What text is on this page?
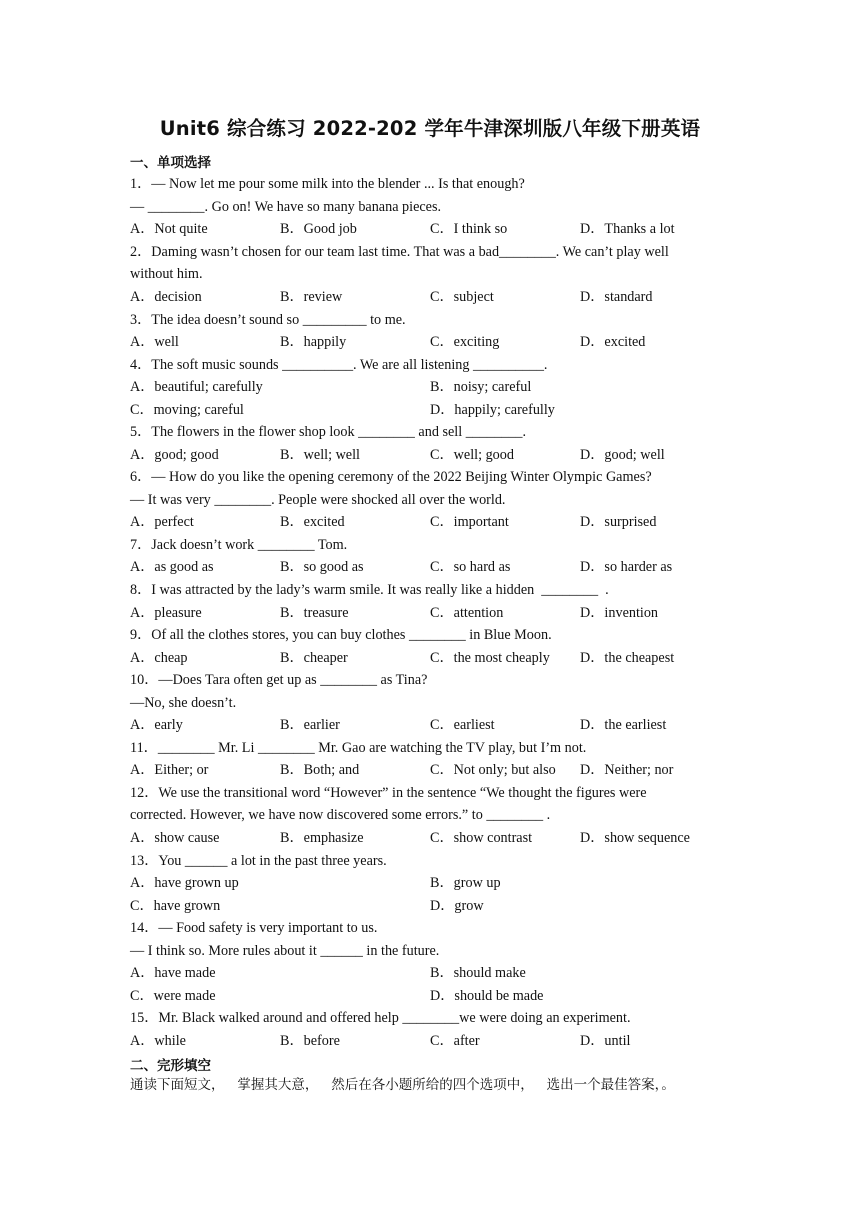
Unit6 综合练习 2022-202 学年牛津深圳版八年级下册英语
一、单项选择
1．— Now let me pour some milk into the blender ... Is that enough?
— ________. Go on! We have so many banana pieces.
A．Not quite	B．Good job	C．I think so	D．Thanks a lot
2．Daming wasn’t chosen for our team last time. That was a bad________. We can’t play well
without him.
A．decision	B．review	C．subject	D．standard
3．The idea doesn’t sound so _________ to me.
A．well	B．happily	C．exciting	D．excited
4．The soft music sounds __________. We are all listening __________.
A．beautiful; carefully	B．noisy; careful
C．moving; careful	D．happily; carefully
5．The flowers in the flower shop look ________ and sell ________.
A．good; good	B．well; well	C．well; good	D．good; well
6．— How do you like the opening ceremony of the 2022 Beijing Winter Olympic Games?
— It was very ________. People were shocked all over the world.
A．perfect	B．excited	C．important	D．surprised
7．Jack doesn’t work ________ Tom.
A．as good as	B．so good as	C．so hard as	D．so harder as
8．I was attracted by the lady’s warm smile. It was really like a hidden  ________  .
A．pleasure	B．treasure	C．attention	D．invention
9．Of all the clothes stores, you can buy clothes ________ in Blue Moon.
A．cheap	B．cheaper	C．the most cheaply D．the cheapest
10．—Does Tara often get up as ________ as Tina?
—No, she doesn’t.
A．early	B．earlier	C．earliest	D．the earliest
11．________ Mr. Li ________ Mr. Gao are watching the TV play, but I’m not.
A．Either; or	B．Both; and	C．Not only; but also D．Neither; nor
12．We use the transitional word “However” in the sentence “We thought the figures were
corrected. However, we have now discovered some errors.” to ________ .
A．show cause	B．emphasize	C．show contrast	D．show sequence
13．You ______ a lot in the past three years.
A．have grown up	B．grow up
C．have grown	D．grow
14．— Food safety is very important to us.
— I think so. More rules about it ______ in the future.
A．have made	B．should make
C．were made	D．should be made
15．Mr. Black walked around and offered help ________we were doing an experiment.
A．while	B．before	C．after	D．until
二、完形填空
通读下面短文，   掌握其大意，   然后在各小题所给的四个选项中，   选出一个最佳答案，。
